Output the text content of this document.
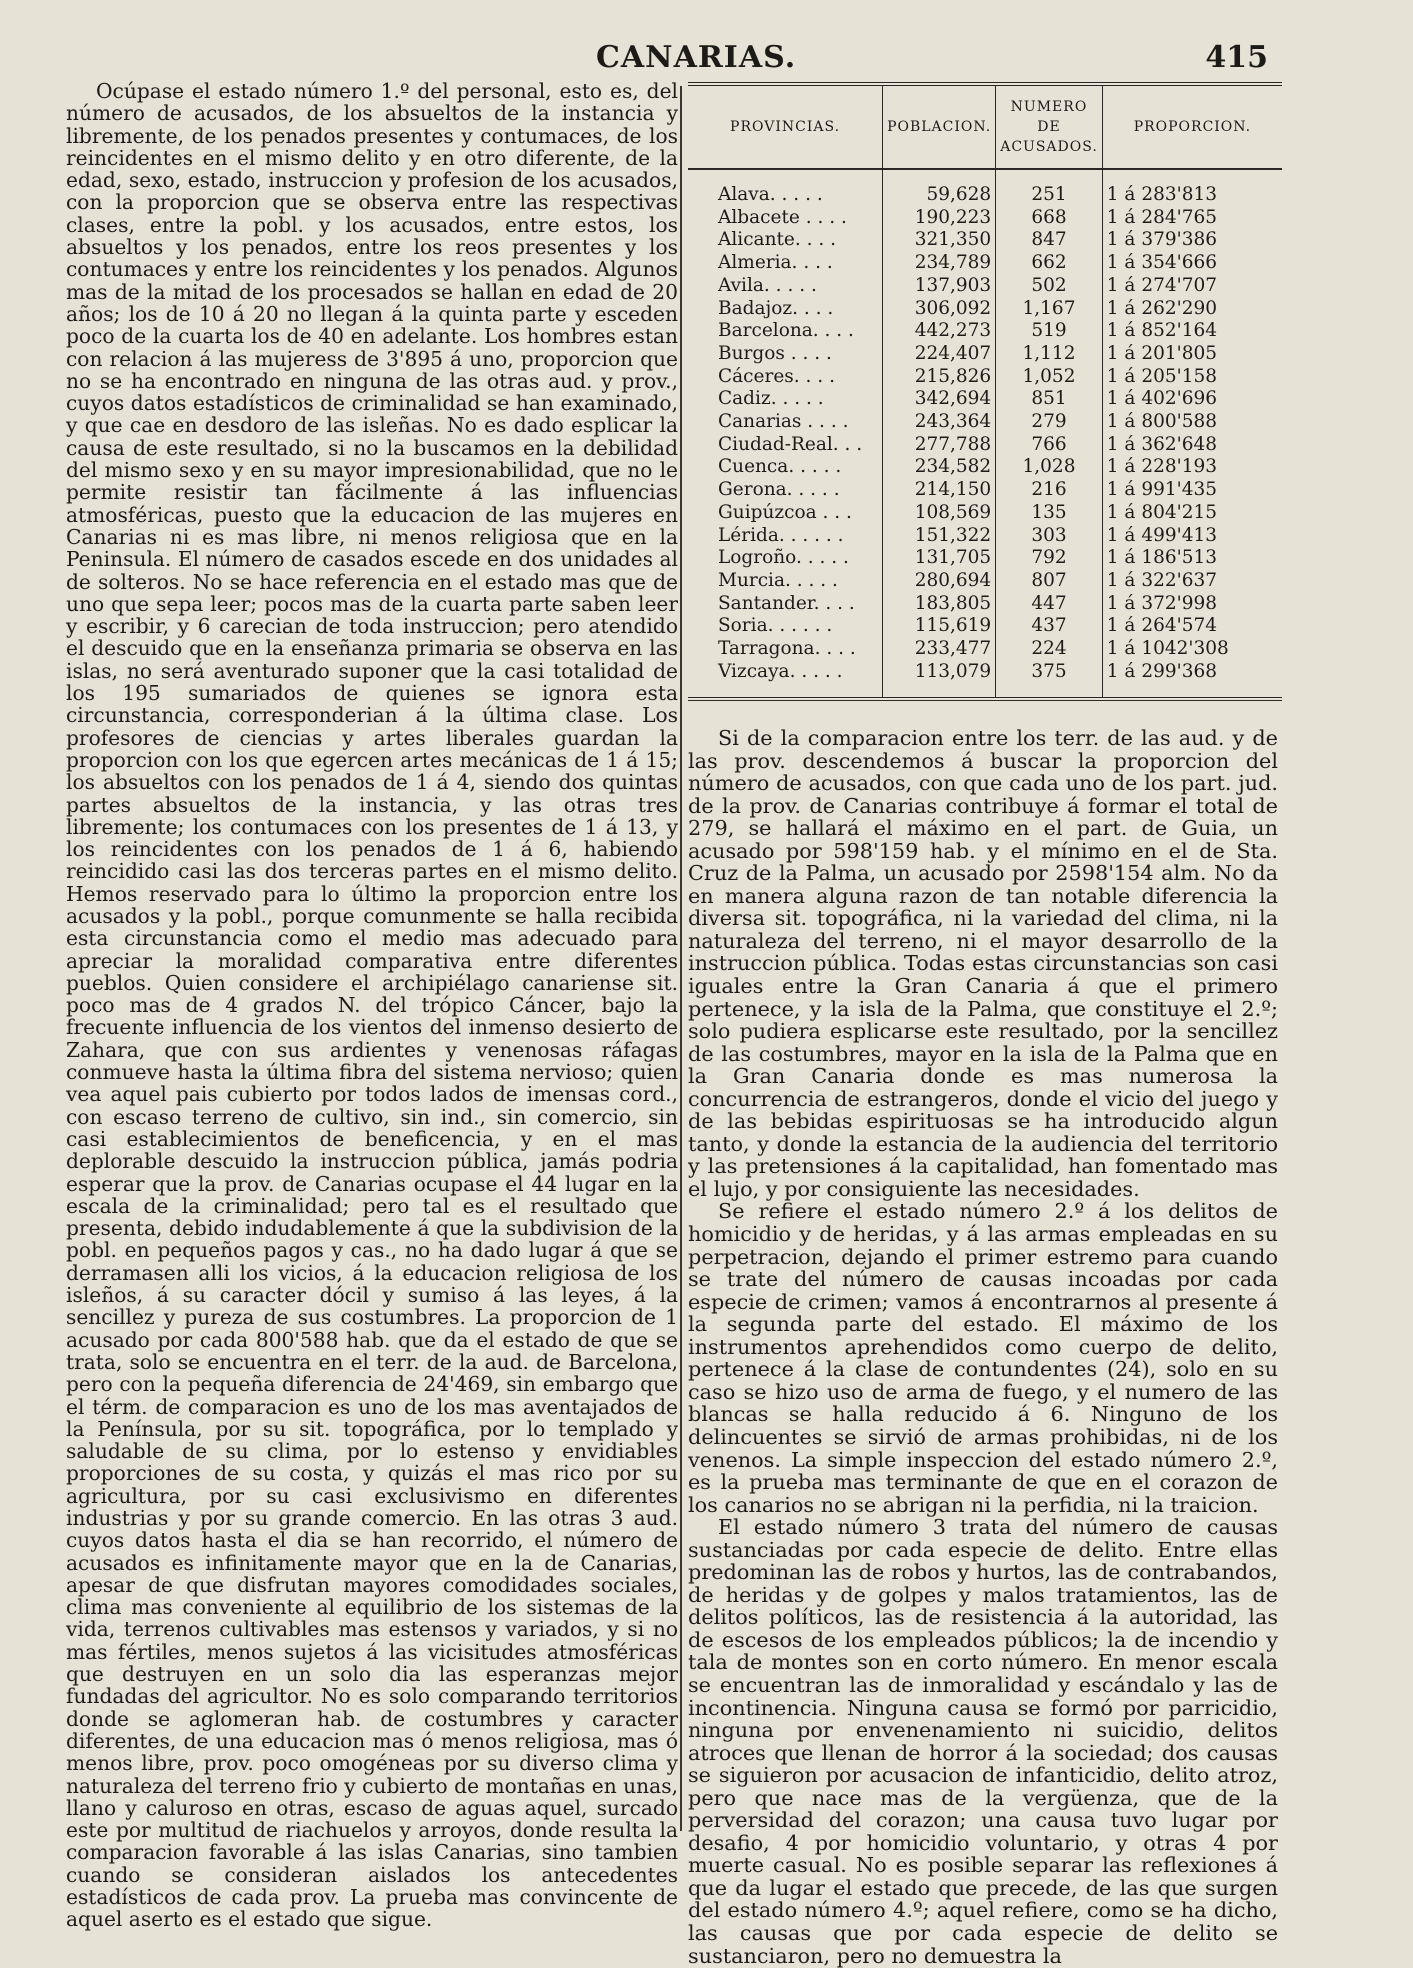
CANARIAS.	415

Ocúpase el estado número 1.º del personal, esto es, del número de acusados, de los absueltos de la instancia y libremente, de los penados presentes y contumaces, de los reincidentes en el mismo delito y en otro diferente, de la edad, sexo, estado, instruccion y profesion de los acusados, con la proporcion que se observa entre las respectivas clases, entre la pobl. y los acusados, entre estos, los absueltos y los penados, entre los reos presentes y los contumaces y entre los reincidentes y los penados. Algunos mas de la mitad de los procesados se hallan en edad de 20 años; los de 10 á 20 no llegan á la quinta parte y esceden poco de la cuarta los de 40 en adelante. Los hombres estan con relacion á las mujeress de 3'895 á uno, proporcion que no se ha encontrado en ninguna de las otras aud. y prov., cuyos datos estadísticos de criminalidad se han examinado, y que cae en desdoro de las isleñas. No es dado esplicar la causa de este resultado, si no la buscamos en la debilidad del mismo sexo y en su mayor impresionabilidad, que no le permite resistir tan fácilmente á las influencias atmosféricas, puesto que la educacion de las mujeres en Canarias ni es mas libre, ni menos religiosa que en la Peninsula. El número de casados escede en dos unidades al de solteros. No se hace referencia en el estado mas que de uno que sepa leer; pocos mas de la cuarta parte saben leer y escribir, y 6 carecian de toda instruccion; pero atendido el descuido que en la enseñanza primaria se observa en las islas, no será aventurado suponer que la casi totalidad de los 195 sumariados de quienes se ignora esta circunstancia, corresponderian á la última clase. Los profesores de ciencias y artes liberales guardan la proporcion con los que egercen artes mecánicas de 1 á 15; los absueltos con los penados de 1 á 4, siendo dos quintas partes absueltos de la instancia, y las otras tres libremente; los contumaces con los presentes de 1 á 13, y los reincidentes con los penados de 1 á 6, habiendo reincidido casi las dos terceras partes en el mismo delito. Hemos reservado para lo último la proporcion entre los acusados y la pobl., porque comunmente se halla recibida esta circunstancia como el medio mas adecuado para apreciar la moralidad comparativa entre diferentes pueblos. Quien considere el archipiélago canariense sit. poco mas de 4 grados N. del trópico Cáncer, bajo la frecuente influencia de los vientos del inmenso desierto de Zahara, que con sus ardientes y venenosas ráfagas conmueve hasta la última fibra del sistema nervioso; quien vea aquel pais cubierto por todos lados de imensas cord., con escaso terreno de cultivo, sin ind., sin comercio, sin casi establecimientos de beneficencia, y en el mas deplorable descuido la instruccion pública, jamás podria esperar que la prov. de Canarias ocupase el 44 lugar en la escala de la criminalidad; pero tal es el resultado que presenta, debido indudablemente á que la subdivision de la pobl. en pequeños pagos y cas., no ha dado lugar á que se derramasen alli los vicios, á la educacion religiosa de los isleños, á su caracter dócil y sumiso á las leyes, á la sencillez y pureza de sus costumbres. La proporcion de 1 acusado por cada 800'588 hab. que da el estado de que se trata, solo se encuentra en el terr. de la aud. de Barcelona, pero con la pequeña diferencia de 24'469, sin embargo que el térm. de comparacion es uno de los mas aventajados de la Península, por su sit. topográfica, por lo templado y saludable de su clima, por lo estenso y envidiables proporciones de su costa, y quizás el mas rico por su agricultura, por su casi exclusivismo en diferentes industrias y por su grande comercio. En las otras 3 aud. cuyos datos hasta el dia se han recorrido, el número de acusados es infinitamente mayor que en la de Canarias, apesar de que disfrutan mayores comodidades sociales, clima mas conveniente al equilibrio de los sistemas de la vida, terrenos cultivables mas estensos y variados, y si no mas fértiles, menos sujetos á las vicisitudes atmosféricas que destruyen en un solo dia las esperanzas mejor fundadas del agricultor. No es solo comparando territorios donde se aglomeran hab. de costumbres y caracter diferentes, de una educacion mas ó menos religiosa, mas ó menos libre, prov. poco omogéneas por su diverso clima y naturaleza del terreno frio y cubierto de montañas en unas, llano y caluroso en otras, escaso de aguas aquel, surcado este por multitud de riachuelos y arroyos, donde resulta la comparacion favorable á las islas Canarias, sino tambien cuando se consideran aislados los antecedentes estadísticos de cada prov. La prueba mas convincente de aquel aserto es el estado que sigue.

PROVINCIAS.	POBLACION.	NUMERO DE ACUSADOS.	PROPORCION.
Alava. . . . .	59,628	251	1 á 283'813
Albacete . . . .	190,223	668	1 á 284'765
Alicante. . . .	321,350	847	1 á 379'386
Almeria. . . .	234,789	662	1 á 354'666
Avila. . . . .	137,903	502	1 á 274'707
Badajoz. . . .	306,092	1,167	1 á 262'290
Barcelona. . . .	442,273	519	1 á 852'164
Burgos . . . .	224,407	1,112	1 á 201'805
Cáceres. . . .	215,826	1,052	1 á 205'158
Cadiz. . . . .	342,694	851	1 á 402'696
Canarias . . . .	243,364	279	1 á 800'588
Ciudad-Real. . .	277,788	766	1 á 362'648
Cuenca. . . . .	234,582	1,028	1 á 228'193
Gerona. . . . .	214,150	216	1 á 991'435
Guipúzcoa . . .	108,569	135	1 á 804'215
Lérida. . . . . .	151,322	303	1 á 499'413
Logroño. . . . .	131,705	792	1 á 186'513
Murcia. . . . .	280,694	807	1 á 322'637
Santander. . . .	183,805	447	1 á 372'998
Soria. . . . . .	115,619	437	1 á 264'574
Tarragona. . . .	233,477	224	1 á 1042'308
Vizcaya. . . . .	113,079	375	1 á 299'368

Si de la comparacion entre los terr. de las aud. y de las prov. descendemos á buscar la proporcion del número de acusados, con que cada uno de los part. jud. de la prov. de Canarias contribuye á formar el total de 279, se hallará el máximo en el part. de Guia, un acusado por 598'159 hab. y el mínimo en el de Sta. Cruz de la Palma, un acusado por 2598'154 alm. No da en manera alguna razon de tan notable diferencia la diversa sit. topográfica, ni la variedad del clima, ni la naturaleza del terreno, ni el mayor desarrollo de la instruccion pública. Todas estas circunstancias son casi iguales entre la Gran Canaria á que el primero pertenece, y la isla de la Palma, que constituye el 2.º; solo pudiera esplicarse este resultado, por la sencillez de las costumbres, mayor en la isla de la Palma que en la Gran Canaria donde es mas numerosa la concurrencia de estrangeros, donde el vicio del juego y de las bebidas espirituosas se ha introducido algun tanto, y donde la estancia de la audiencia del territorio y las pretensiones á la capitalidad, han fomentado mas el lujo, y por consiguiente las necesidades.

Se refiere el estado número 2.º á los delitos de homicidio y de heridas, y á las armas empleadas en su perpetracion, dejando el primer estremo para cuando se trate del número de causas incoadas por cada especie de crimen; vamos á encontrarnos al presente á la segunda parte del estado. El máximo de los instrumentos aprehendidos como cuerpo de delito, pertenece á la clase de contundentes (24), solo en su caso se hizo uso de arma de fuego, y el numero de las blancas se halla reducido á 6. Ninguno de los delincuentes se sirvió de armas prohibidas, ni de los venenos. La simple inspeccion del estado número 2.º, es la prueba mas terminante de que en el corazon de los canarios no se abrigan ni la perfidia, ni la traicion.

El estado número 3 trata del número de causas sustanciadas por cada especie de delito. Entre ellas predominan las de robos y hurtos, las de contrabandos, de heridas y de golpes y malos tratamientos, las de delitos políticos, las de resistencia á la autoridad, las de escesos de los empleados públicos; la de incendio y tala de montes son en corto número. En menor escala se encuentran las de inmoralidad y escándalo y las de incontinencia. Ninguna causa se formó por parricidio, ninguna por envenenamiento ni suicidio, delitos atroces que llenan de horror á la sociedad; dos causas se siguieron por acusacion de infanticidio, delito atroz, pero que nace mas de la vergüenza, que de la perversidad del corazon; una causa tuvo lugar por desafio, 4 por homicidio voluntario, y otras 4 por muerte casual. No es posible separar las reflexiones á que da lugar el estado que precede, de las que surgen del estado número 4.º; aquel refiere, como se ha dicho, las causas que por cada especie de delito se sustanciaron, pero no demuestra la
